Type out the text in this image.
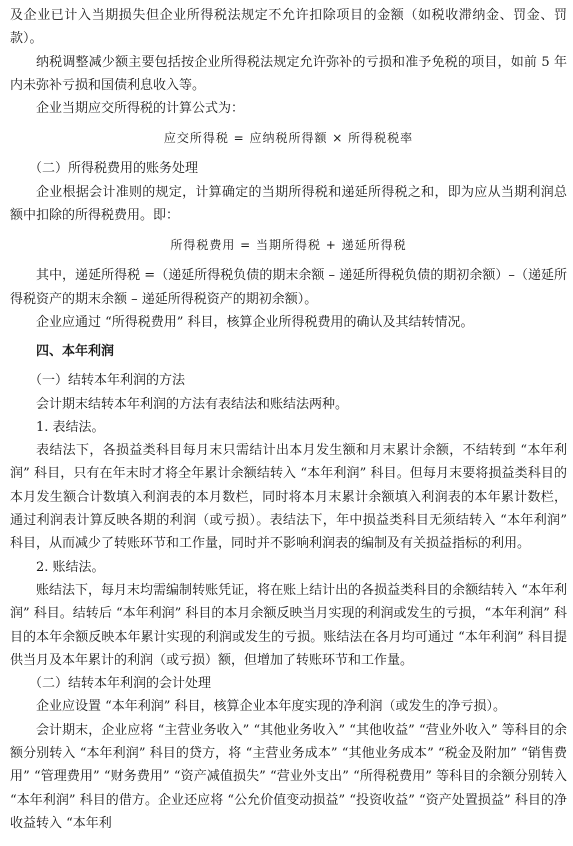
及企业已计入当期损失但企业所得税法规定不允许扣除项目的金额（如税收滞纳金、罚金、罚款）。

纳税调整减少额主要包括按企业所得税法规定允许弥补的亏损和准予免税的项目，如前 5 年内未弥补亏损和国债利息收入等。

企业当期应交所得税的计算公式为：

应交所得税 = 应纳税所得额 × 所得税税率

（二）所得税费用的账务处理

企业根据会计准则的规定，计算确定的当期所得税和递延所得税之和，即为应从当期利润总额中扣除的所得税费用。即：

所得税费用 = 当期所得税 + 递延所得税

其中，递延所得税 =（递延所得税负债的期末余额 – 递延所得税负债的期初余额）–（递延所得税资产的期末余额 – 递延所得税资产的期初余额）。

企业应通过 “所得税费用” 科目，核算企业所得税费用的确认及其结转情况。

四、本年利润

（一）结转本年利润的方法

会计期末结转本年利润的方法有表结法和账结法两种。

1. 表结法。

表结法下，各损益类科目每月末只需结计出本月发生额和月末累计余额，不结转到 “本年利润” 科目，只有在年末时才将全年累计余额结转入 “本年利润” 科目。但每月末要将损益类科目的本月发生额合计数填入利润表的本月数栏，同时将本月末累计余额填入利润表的本年累计数栏，通过利润表计算反映各期的利润（或亏损）。表结法下，年中损益类科目无须结转入 “本年利润” 科目，从而减少了转账环节和工作量，同时并不影响利润表的编制及有关损益指标的利用。

2. 账结法。

账结法下，每月末均需编制转账凭证，将在账上结计出的各损益类科目的余额结转入 “本年利润” 科目。结转后 “本年利润” 科目的本月余额反映当月实现的利润或发生的亏损，“本年利润” 科目的本年余额反映本年累计实现的利润或发生的亏损。账结法在各月均可通过 “本年利润” 科目提供当月及本年累计的利润（或亏损）额，但增加了转账环节和工作量。

（二）结转本年利润的会计处理

企业应设置 “本年利润” 科目，核算企业本年度实现的净利润（或发生的净亏损）。

会计期末，企业应将 “主营业务收入” “其他业务收入” “其他收益” “营业外收入” 等科目的余额分别转入 “本年利润” 科目的贷方，将 “主营业务成本” “其他业务成本” “税金及附加” “销售费用” “管理费用” “财务费用” “资产减值损失” “营业外支出” “所得税费用” 等科目的余额分别转入 “本年利润” 科目的借方。企业还应将 “公允价值变动损益” “投资收益” “资产处置损益” 科目的净收益转入 “本年利
